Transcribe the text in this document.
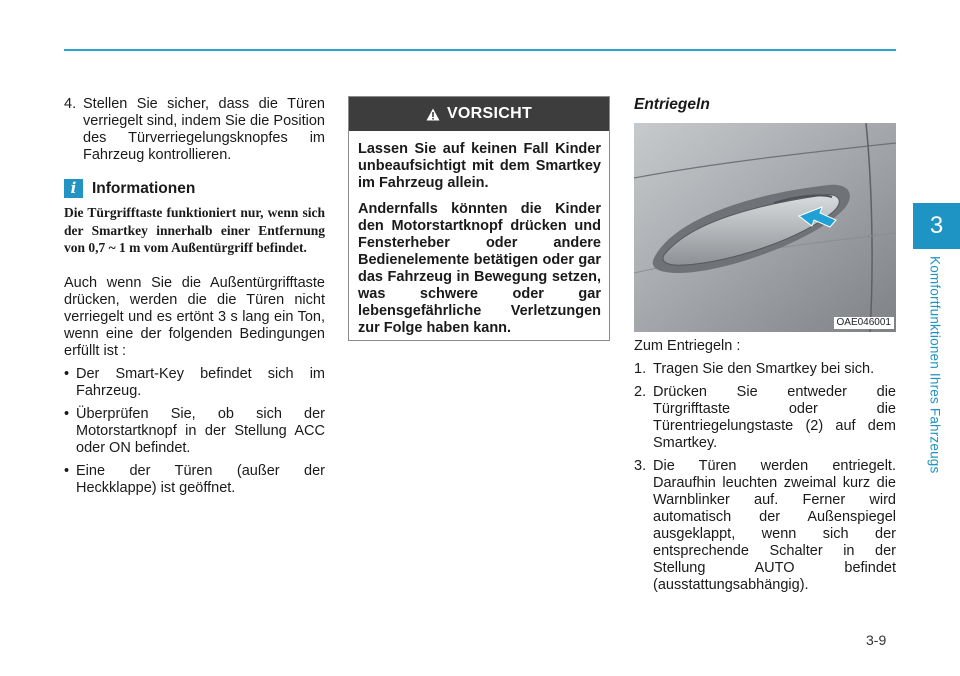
3
Komfortfunktionen Ihres Fahrzeugs
4. Stellen Sie sicher, dass die Türen verriegelt sind, indem Sie die Position des Türverriegelungsknopfes im Fahrzeug kontrollieren.
i	Informationen

Die Türgrifftaste funktioniert nur, wenn sich der Smartkey innerhalb einer Entfernung von 0,7 ~ 1 m vom Außentürgriff befindet.

Auch wenn Sie die Außentürgrifftaste drücken, werden die die Türen nicht verriegelt und es ertönt 3 s lang ein Ton, wenn eine der folgenden Bedingungen erfüllt ist :

• Der Smart-Key befindet sich im Fahrzeug.
• Überprüfen Sie, ob sich der Motorstartknopf in der Stellung ACC oder ON befindet.
• Eine der Türen (außer der Heckklappe) ist geöffnet.
VORSICHT

Lassen Sie auf keinen Fall Kinder unbeaufsichtigt mit dem Smartkey im Fahrzeug allein.

Andernfalls könnten die Kinder den Motorstartknopf drücken und Fensterheber oder andere Bedienelemente betätigen oder gar das Fahrzeug in Bewegung setzen, was schwere oder gar lebensgefährliche Verletzungen zur Folge haben kann.

Entriegeln
OAE046001

Zum Entriegeln :

1. Tragen Sie den Smartkey bei sich.
2. Drücken Sie entweder die Türgrifftaste oder die Türentriegelungstaste (2) auf dem Smartkey.
3. Die Türen werden entriegelt. Daraufhin leuchten zweimal kurz die Warnblinker auf. Ferner wird automatisch der Außenspiegel ausgeklappt, wenn sich der entsprechende Schalter in der Stellung AUTO befindet (ausstattungsabhängig).
3-9
